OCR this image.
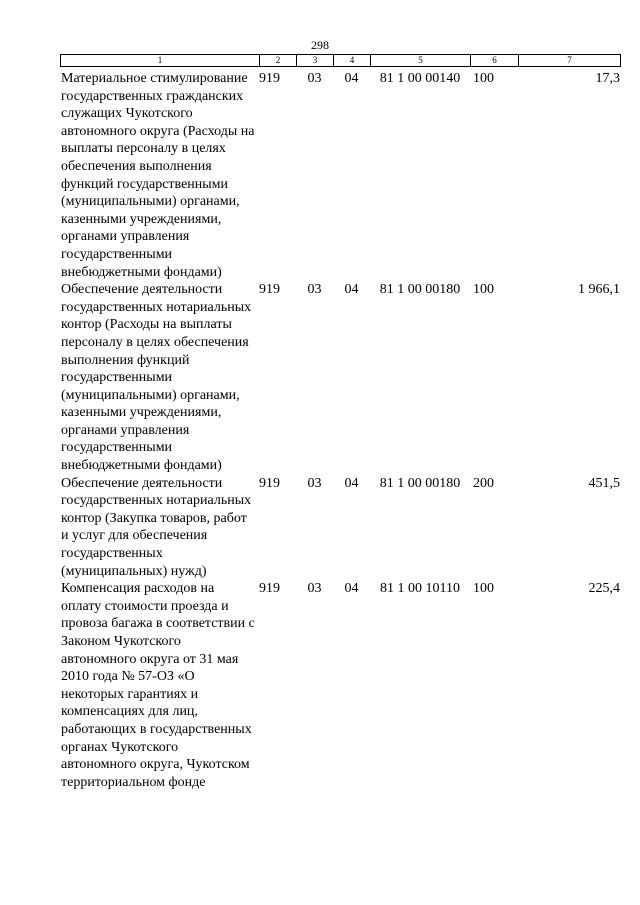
298
1	2	3	4	5	6	7
Материальное стимулирование государственных гражданских служащих Чукотского автономного округа (Расходы на выплаты персоналу в целях обеспечения выполнения функций государственными (муниципальными) органами, казенными учреждениями, органами управления государственными внебюджетными фондами)	919	03	04	81 1 00 00140	100	17,3
Обеспечение деятельности государственных нотариальных контор (Расходы на выплаты персоналу в целях обеспечения выполнения функций государственными (муниципальными) органами, казенными учреждениями, органами управления государственными внебюджетными фондами)	919	03	04	81 1 00 00180	100	1 966,1
Обеспечение деятельности государственных нотариальных контор (Закупка товаров, работ и услуг для обеспечения государственных (муниципальных) нужд)	919	03	04	81 1 00 00180	200	451,5
Компенсация расходов на оплату стоимости проезда и провоза багажа в соответствии с Законом Чукотского автономного округа от 31 мая 2010 года № 57-ОЗ «О некоторых гарантиях и компенсациях для лиц, работающих в государственных органах Чукотского автономного округа, Чукотском территориальном фонде	919	03	04	81 1 00 10110	100	225,4
